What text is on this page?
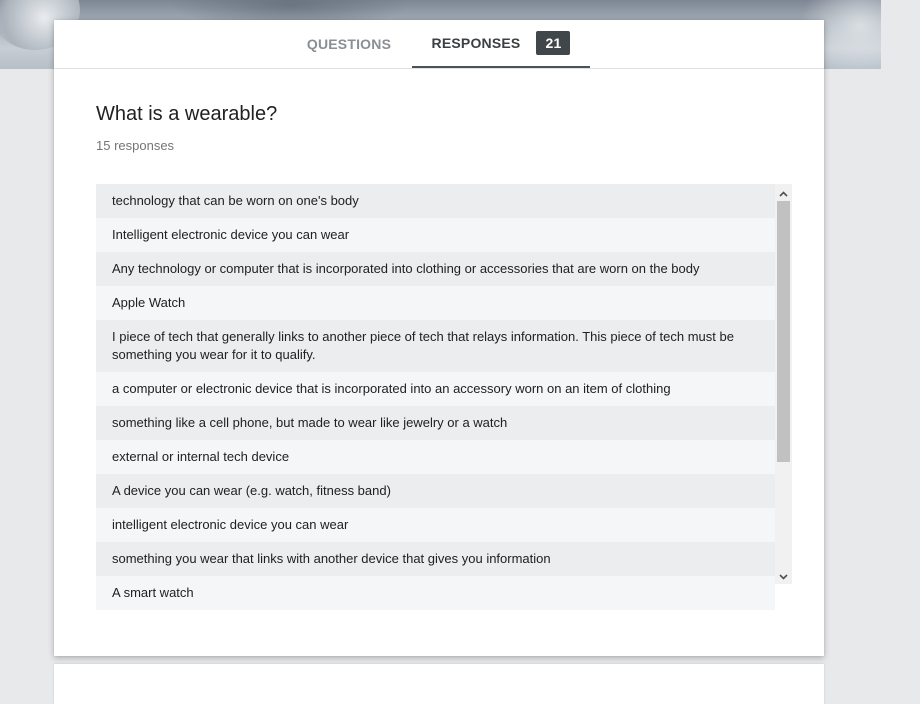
QUESTIONS	RESPONSES	21
What is a wearable?
15 responses
technology that can be worn on one's body
Intelligent electronic device you can wear
Any technology or computer that is incorporated into clothing or accessories that are worn on the body
Apple Watch
I piece of tech that generally links to another piece of tech that relays information. This piece of tech must be something you wear for it to qualify.
a computer or electronic device that is incorporated into an accessory worn on an item of clothing
something like a cell phone, but made to wear like jewelry or a watch
external or internal tech device
A device you can wear (e.g. watch, fitness band)
intelligent electronic device you can wear
something you wear that links with another device that gives you information
A smart watch
